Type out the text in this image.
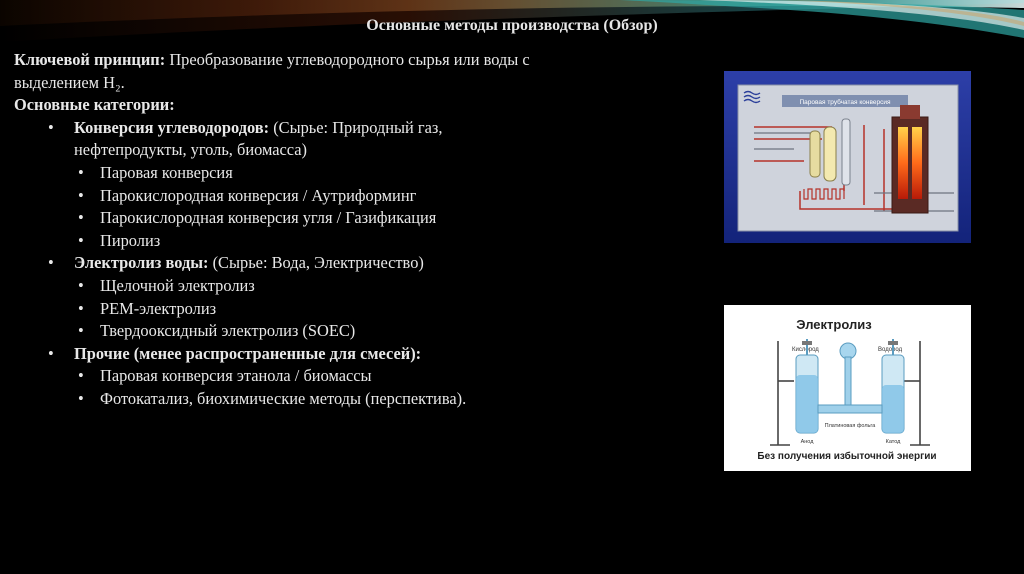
Основные методы производства (Обзор)

Ключевой принцип: Преобразование углеводородного сырья или воды с выделением H₂.

Основные категории:

• Конверсия углеводородов: (Сырье: Природный газ, нефтепродукты, уголь, биомасса)
• Паровая конверсия
• Парокислородная конверсия / Аутриформинг
• Парокислородная конверсия угля / Газификация
• Пиролиз
• Электролиз воды: (Сырье: Вода, Электричество)
• Щелочной электролиз
• PEM-электролиз
• Твердооксидный электролиз (SOEC)
• Прочие (менее распространенные для смесей):
• Паровая конверсия этанола / биомассы
• Фотокатализ, биохимические методы (перспектива).
Паровая трубчатая конверсия
Электролиз
Кислород	Водород
Платиновая фольга
Анод	Катод
Без получения избыточной энергии
